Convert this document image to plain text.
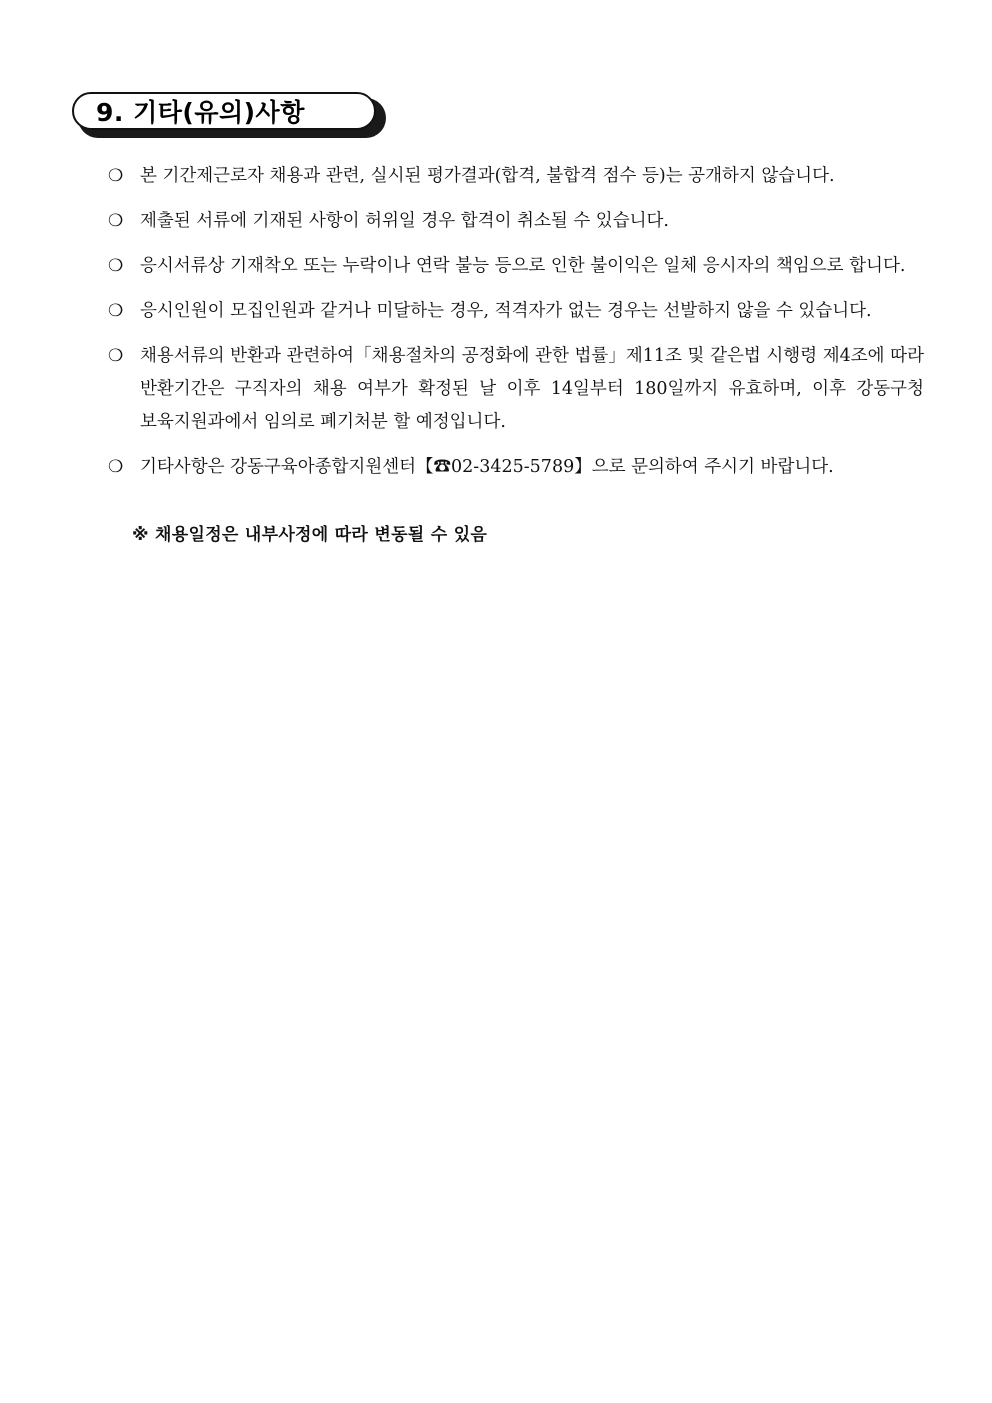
9. 기타(유의)사항
❍ 본 기간제근로자 채용과 관련, 실시된 평가결과(합격, 불합격 점수 등)는 공개하지 않습니다.
❍ 제출된 서류에 기재된 사항이 허위일 경우 합격이 취소될 수 있습니다.
❍ 응시서류상 기재착오 또는 누락이나 연락 불능 등으로 인한 불이익은 일체 응시자의 책임으로 합니다.
❍ 응시인원이 모집인원과 같거나 미달하는 경우, 적격자가 없는 경우는 선발하지 않을 수 있습니다.
❍ 채용서류의 반환과 관련하여「채용절차의 공정화에 관한 법률」제11조 및 같은법 시행령 제4조에 따라 반환기간은 구직자의 채용 여부가 확정된 날 이후 14일부터 180일까지 유효하며, 이후 강동구청 보육지원과에서 임의로 폐기처분 할 예정입니다.
❍ 기타사항은 강동구육아종합지원센터【☎02-3425-5789】으로 문의하여 주시기 바랍니다.
※ 채용일정은 내부사정에 따라 변동될 수 있음
